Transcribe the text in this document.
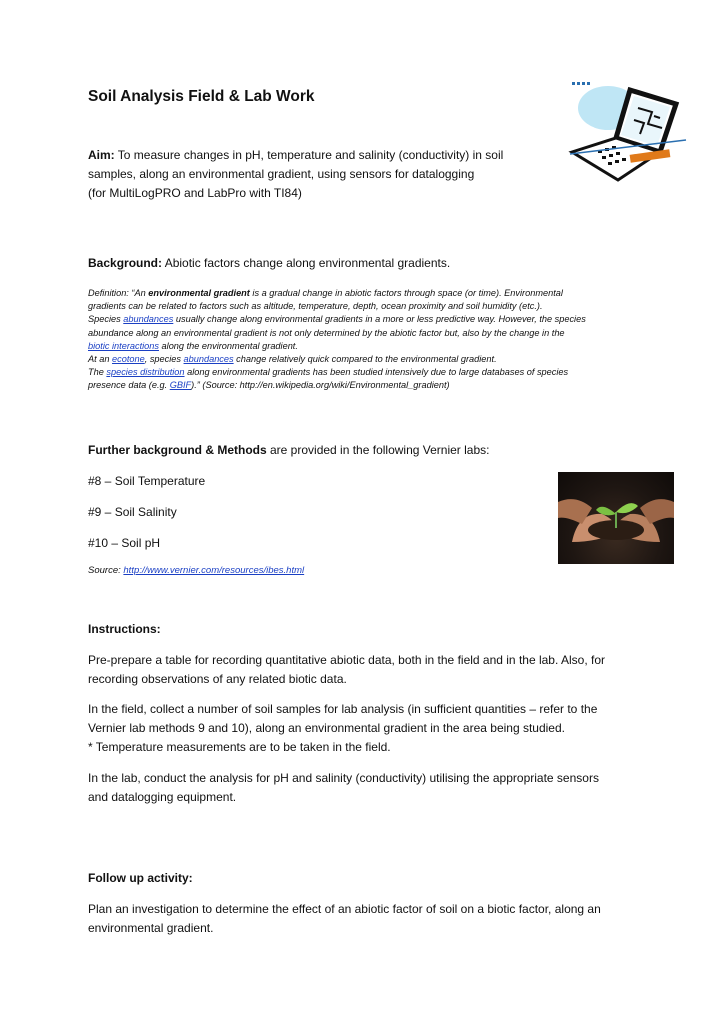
Soil Analysis Field & Lab Work
Aim: To measure changes in pH, temperature and salinity (conductivity) in soil
samples, along an environmental gradient, using sensors for datalogging
(for MultiLogPRO and LabPro with TI84)
Background: Abiotic factors change along environmental gradients.
Definition: “An environmental gradient is a gradual change in abiotic factors through space (or time). Environmental
gradients can be related to factors such as altitude, temperature, depth, ocean proximity and soil humidity (etc.).
Species abundances usually change along environmental gradients in a more or less predictive way. However, the species
abundance along an environmental gradient is not only determined by the abiotic factor but, also by the change in the
biotic interactions along the environmental gradient.
At an ecotone, species abundances change relatively quick compared to the environmental gradient.
The species distribution along environmental gradients has been studied intensively due to large databases of species
presence data (e.g. GBIF).” (Source: http://en.wikipedia.org/wiki/Environmental_gradient)
Further background & Methods are provided in the following Vernier labs:
#8 – Soil Temperature
#9 – Soil Salinity
#10 – Soil pH
Source: http://www.vernier.com/resources/ibes.html
Instructions:
Pre-prepare a table for recording quantitative abiotic data, both in the field and in the lab. Also, for
recording observations of any related biotic data.
In the field, collect a number of soil samples for lab analysis (in sufficient quantities – refer to the
Vernier lab methods 9 and 10), along an environmental gradient in the area being studied.
* Temperature measurements are to be taken in the field.
In the lab, conduct the analysis for pH and salinity (conductivity) utilising the appropriate sensors
and datalogging equipment.
Follow up activity:
Plan an investigation to determine the effect of an abiotic factor of soil on a biotic factor, along an
environmental gradient.
